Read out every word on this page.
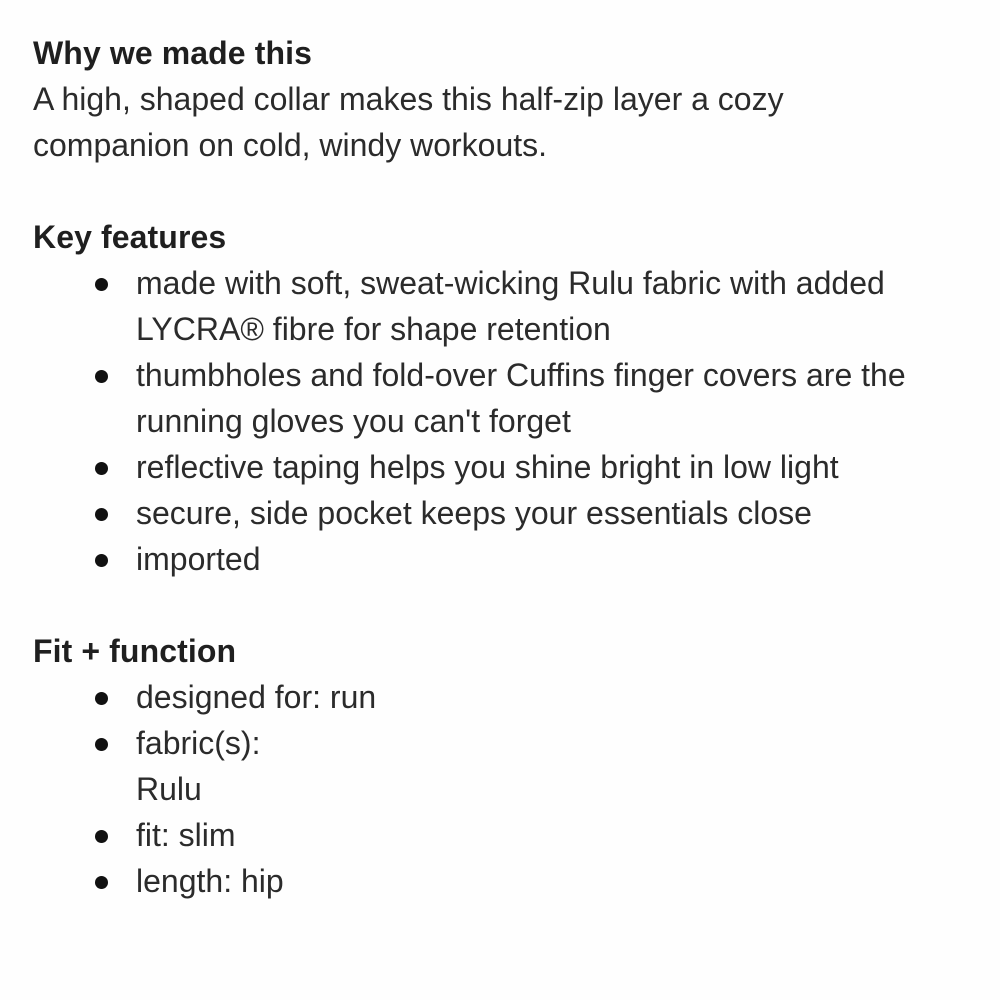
Why we made this

A high, shaped collar makes this half-zip layer a cozy companion on cold, windy workouts.

Key features
made with soft, sweat-wicking Rulu fabric with added LYCRA® fibre for shape retention
thumbholes and fold-over Cuffins finger covers are the running gloves you can't forget
reflective taping helps you shine bright in low light
secure, side pocket keeps your essentials close
imported
Fit + function
designed for: run
fabric(s):
Rulu
fit: slim
length: hip
